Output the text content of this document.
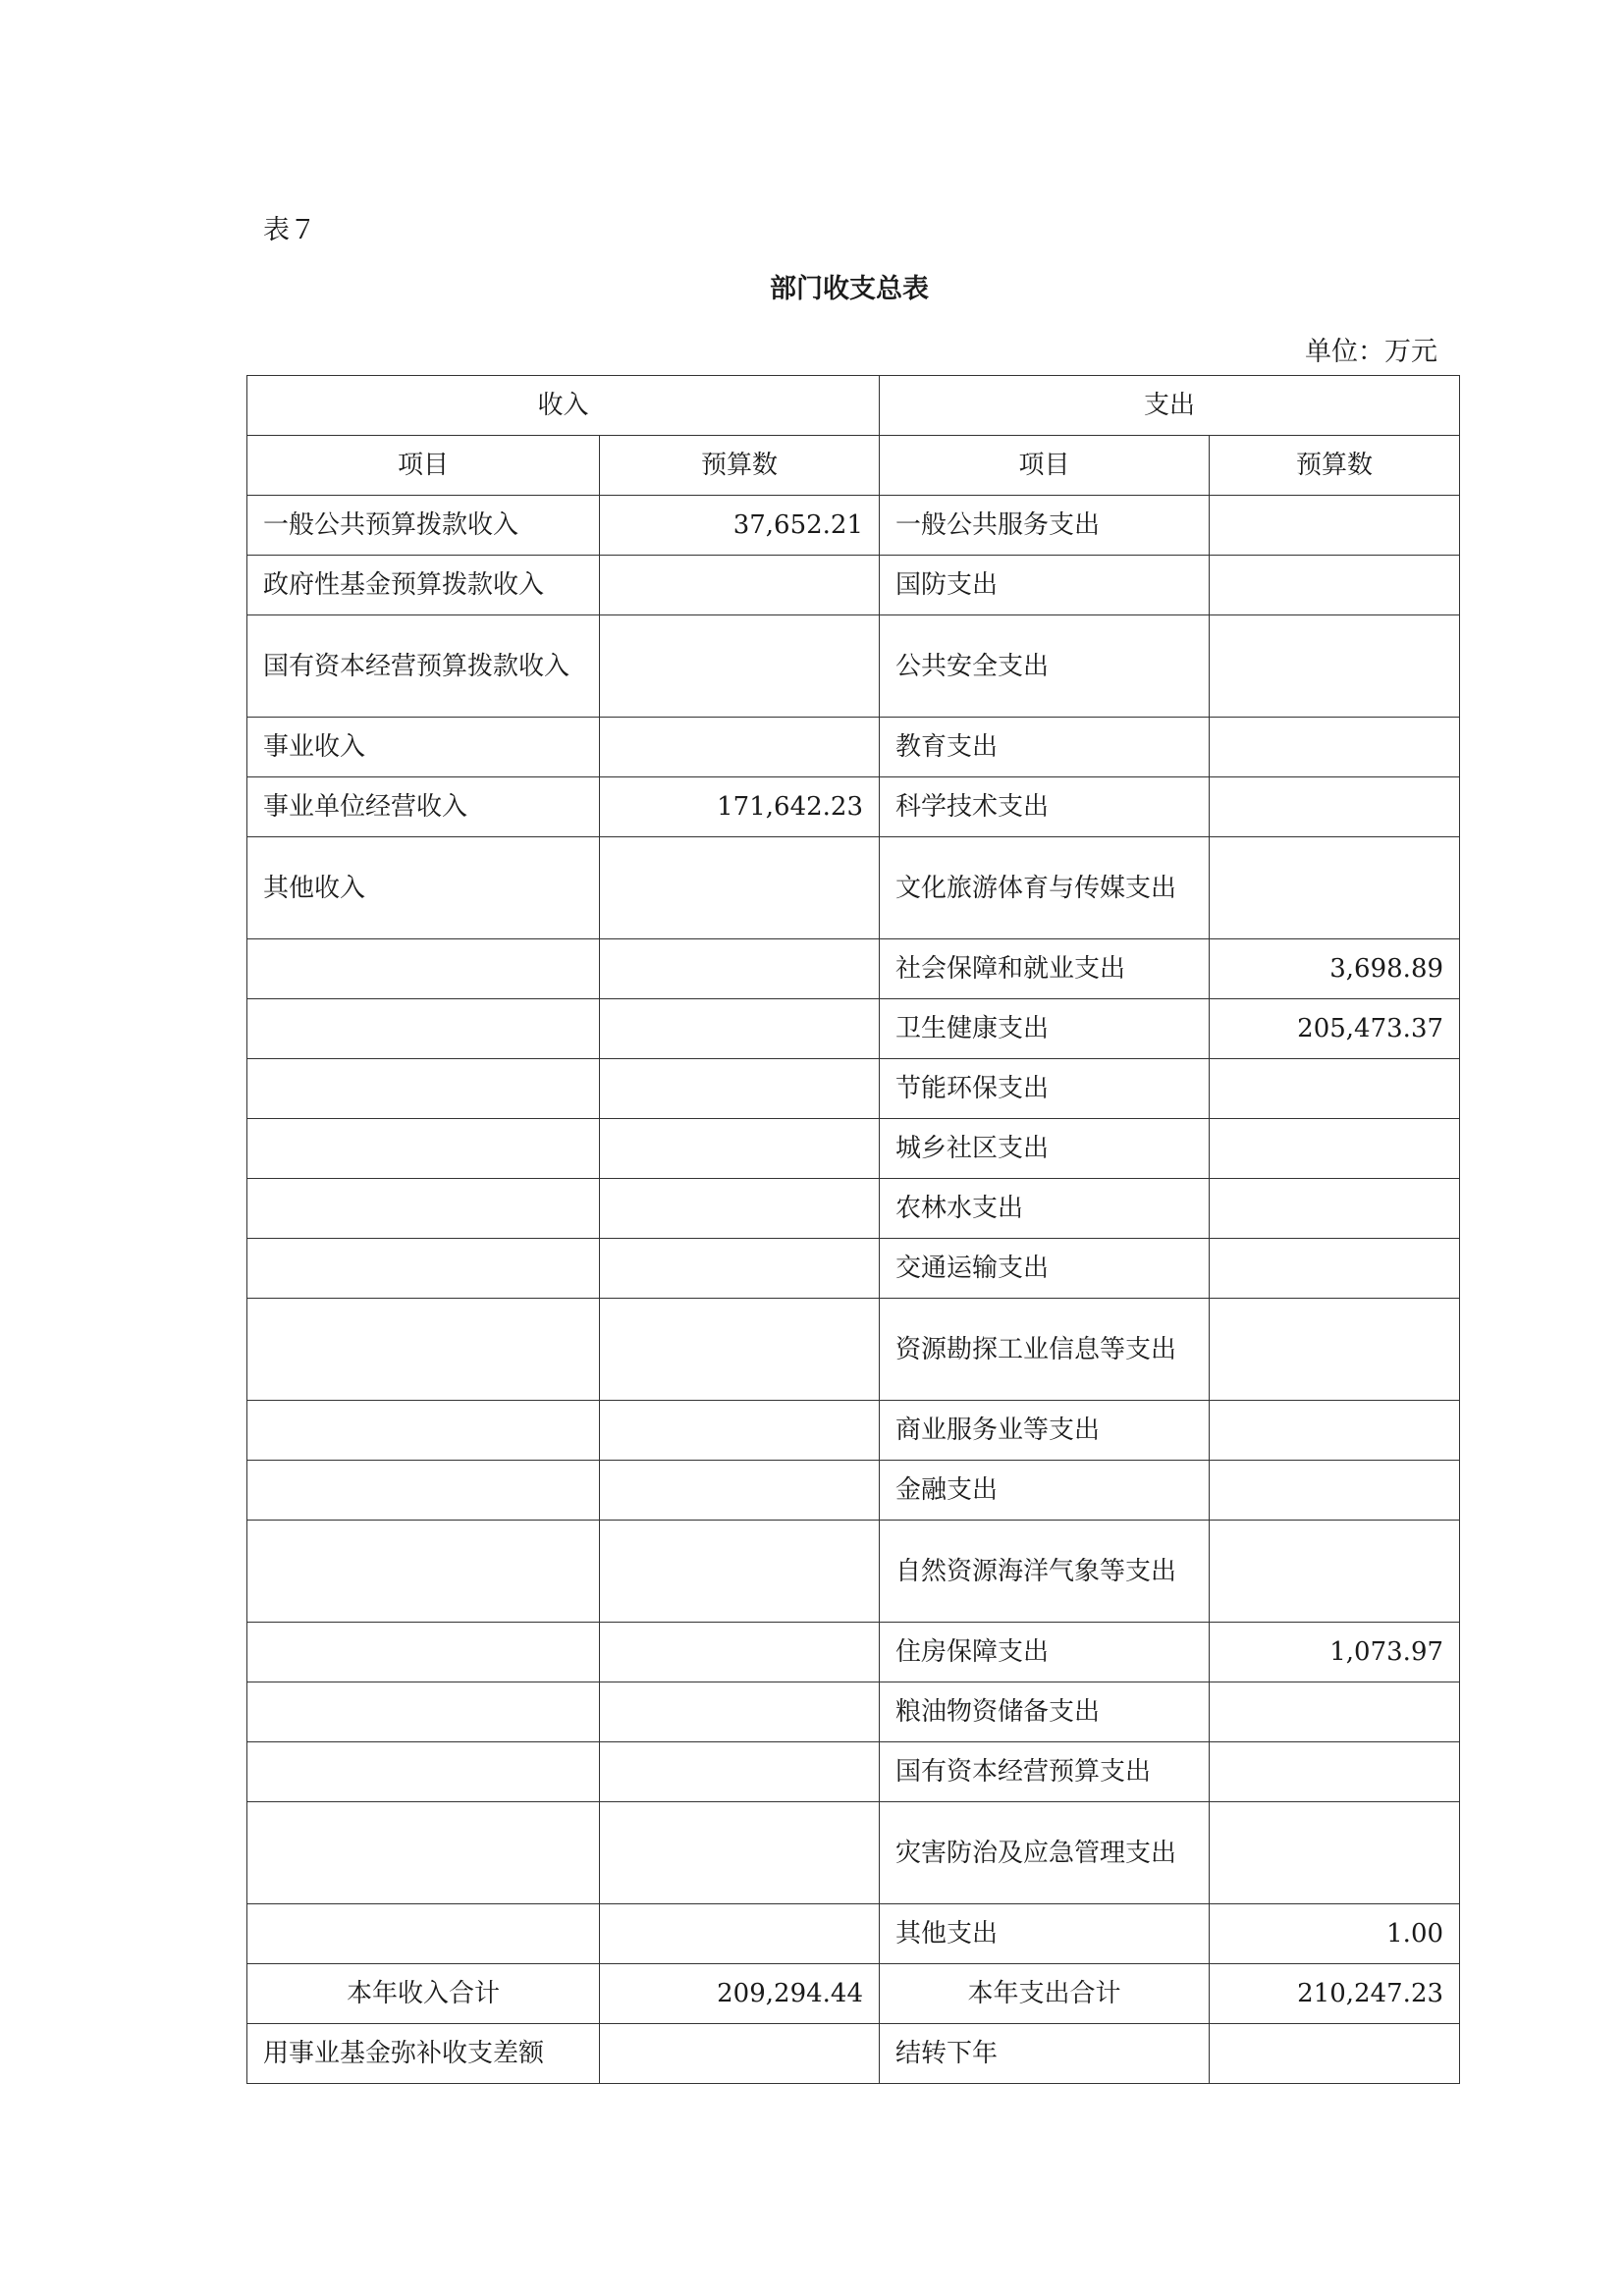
表７
部门收支总表
单位：万元
收入		支出	
项目	预算数	项目	预算数
一般公共预算拨款收入	37,652.21	一般公共服务支出	
政府性基金预算拨款收入		国防支出	
国有资本经营预算拨款收入		公共安全支出	
事业收入		教育支出	
事业单位经营收入	171,642.23	科学技术支出	
其他收入		文化旅游体育与传媒支出	
		社会保障和就业支出	3,698.89
		卫生健康支出	205,473.37
		节能环保支出	
		城乡社区支出	
		农林水支出	
		交通运输支出	
		资源勘探工业信息等支出	
		商业服务业等支出	
		金融支出	
		自然资源海洋气象等支出	
		住房保障支出	1,073.97
		粮油物资储备支出	
		国有资本经营预算支出	
		灾害防治及应急管理支出	
		其他支出	1.00
本年收入合计	209,294.44	本年支出合计	210,247.23
用事业基金弥补收支差额		结转下年	
